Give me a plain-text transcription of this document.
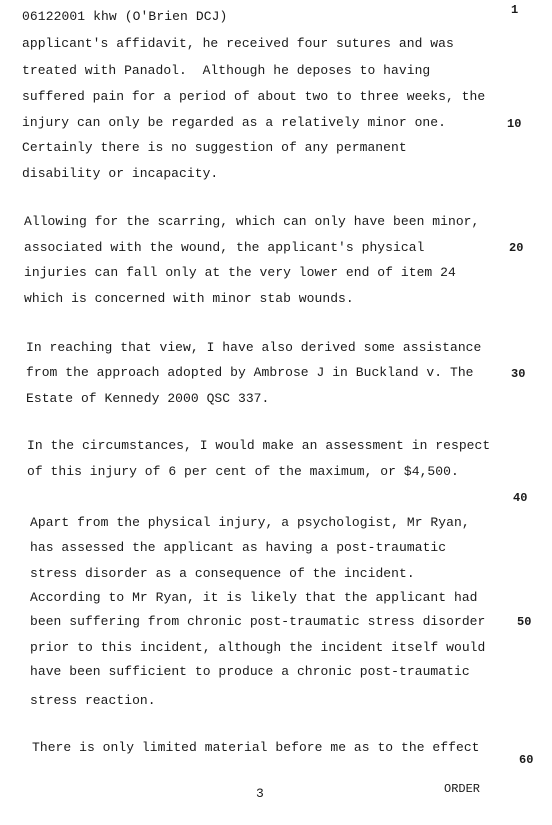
06122001 khw (O'Brien DCJ)	1
applicant's affidavit, he received four sutures and was
treated with Panadol.  Although he deposes to having
suffered pain for a period of about two to three weeks, the
injury can only be regarded as a relatively minor one.
Certainly there is no suggestion of any permanent
disability or incapacity.
Allowing for the scarring, which can only have been minor,
associated with the wound, the applicant's physical
injuries can fall only at the very lower end of item 24
which is concerned with minor stab wounds.
In reaching that view, I have also derived some assistance
from the approach adopted by Ambrose J in Buckland v. The
Estate of Kennedy 2000 QSC 337.
In the circumstances, I would make an assessment in respect
of this injury of 6 per cent of the maximum, or $4,500.
Apart from the physical injury, a psychologist, Mr Ryan,
has assessed the applicant as having a post-traumatic
stress disorder as a consequence of the incident.
According to Mr Ryan, it is likely that the applicant had
been suffering from chronic post-traumatic stress disorder
prior to this incident, although the incident itself would
have been sufficient to produce a chronic post-traumatic
stress reaction.
There is only limited material before me as to the effect
10
20
30
40
50
60
3	ORDER
